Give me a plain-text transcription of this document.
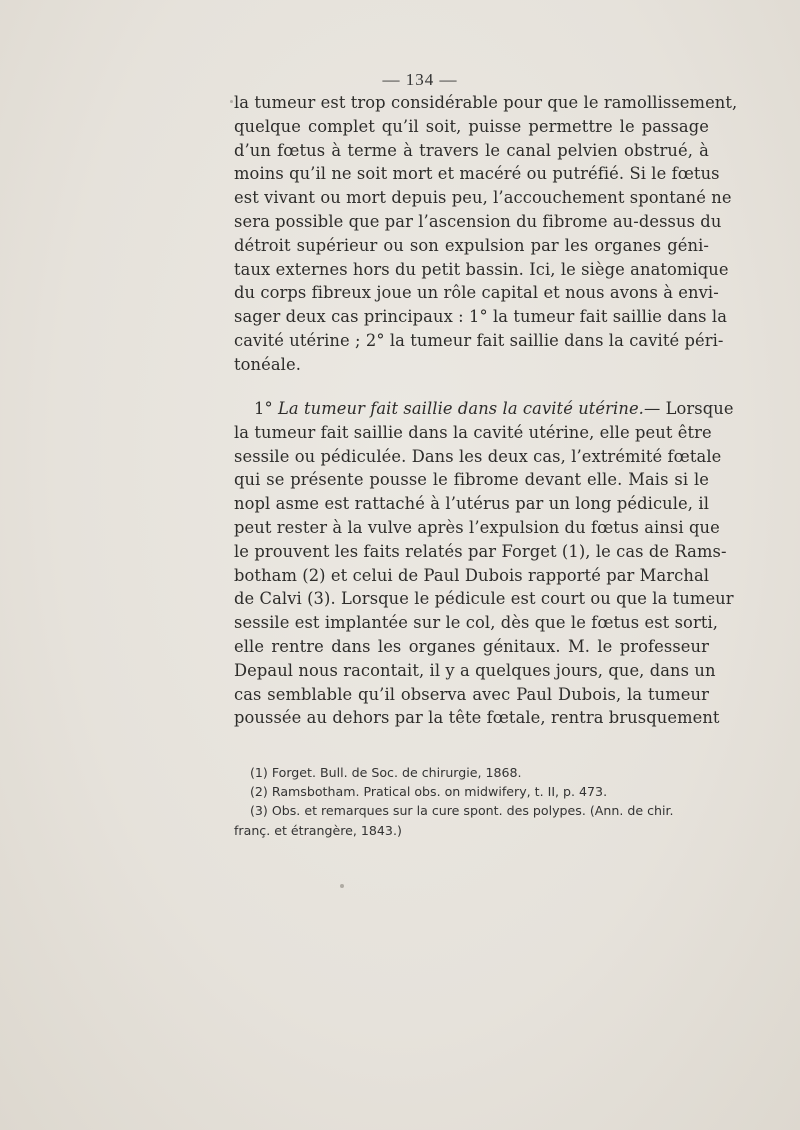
— 134 —
la tumeur est trop considérable pour que le ramollissement,
quelque complet qu’il soit, puisse permettre le passage
d’un fœtus à terme à travers le canal pelvien obstrué, à
moins qu’il ne soit mort et macéré ou putréfié. Si le fœtus
est vivant ou mort depuis peu, l’accouchement spontané ne
sera possible que par l’ascension du fibrome au-dessus du
détroit supérieur ou son expulsion par les organes géni-
taux externes hors du petit bassin. Ici, le siège anatomique
du corps fibreux joue un rôle capital et nous avons à envi-
sager deux cas principaux : 1° la tumeur fait saillie dans la
cavité utérine ; 2° la tumeur fait saillie dans la cavité péri-
tonéale.
1° La tumeur fait saillie dans la cavité utérine.— Lorsque
la tumeur fait saillie dans la cavité utérine, elle peut être
sessile ou pédiculée. Dans les deux cas, l’extrémité fœtale
qui se présente pousse le fibrome devant elle. Mais si le
nopl asme est rattaché à l’utérus par un long pédicule, il
peut rester à la vulve après l’expulsion du fœtus ainsi que
le prouvent les faits relatés par Forget (1), le cas de Rams-
botham (2) et celui de Paul Dubois rapporté par Marchal
de Calvi (3). Lorsque le pédicule est court ou que la tumeur
sessile est implantée sur le col, dès que le fœtus est sorti,
elle rentre dans les organes génitaux. M. le professeur
Depaul nous racontait, il y a quelques jours, que, dans un
cas semblable qu’il observa avec Paul Dubois, la tumeur
poussée au dehors par la tête fœtale, rentra brusquement
(1) Forget. Bull. de Soc. de chirurgie, 1868.
(2) Ramsbotham. Pratical obs. on midwifery, t. II, p. 473.
(3) Obs. et remarques sur la cure spont. des polypes. (Ann. de chir.
franç. et étrangère, 1843.)
